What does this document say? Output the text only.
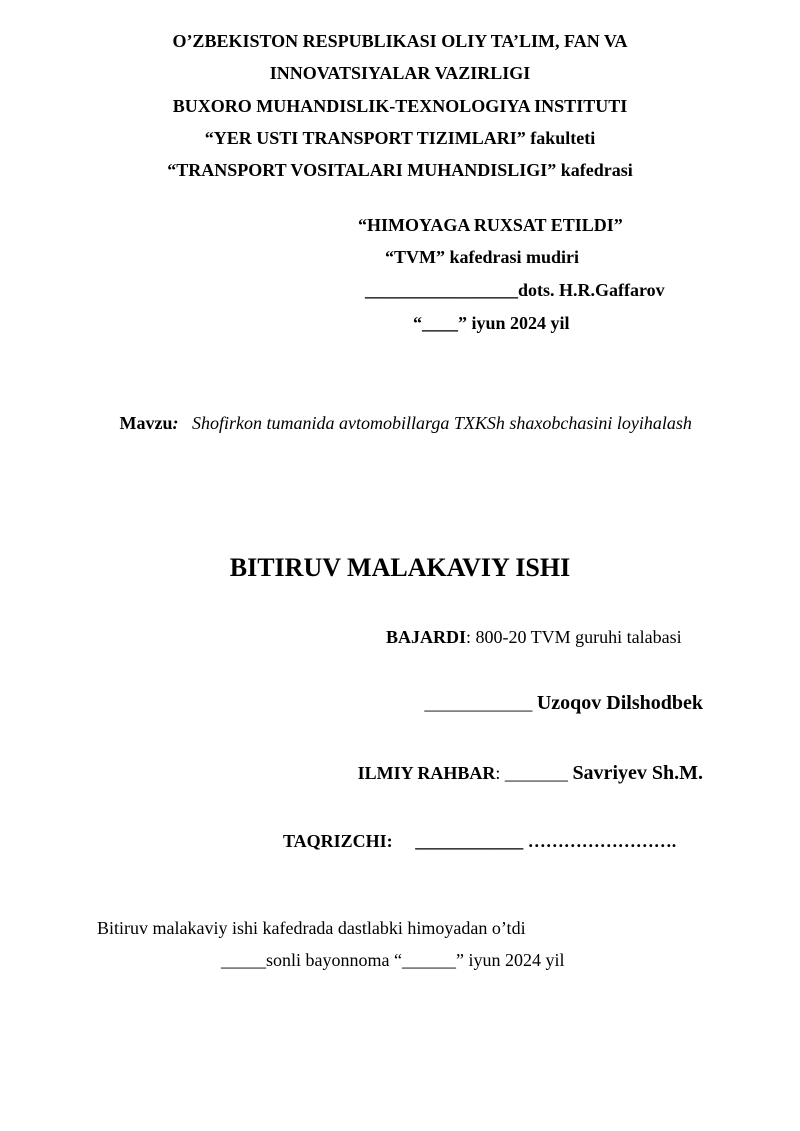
O’ZBEKISTON RESPUBLIKASI OLIY TA’LIM, FAN VA
INNOVATSIYALAR VAZIRLIGI
BUXORO MUHANDISLIK-TEXNOLOGIYA INSTITUTI
“YER USTI TRANSPORT TIZIMLARI” fakulteti
“TRANSPORT VOSITALARI MUHANDISLIGI” kafedrasi
“HIMOYAGA RUXSAT ETILDI”
“TVM” kafedrasi mudiri
_________________dots. H.R.Gaffarov
“____” iyun 2024 yil
Mavzu: Shofirkon tumanida avtomobillarga TXKSh shaxobchasini loyihalash
BITIRUV MALAKAVIY ISHI
BAJARDI: 800-20 TVM guruhi talabasi
____________ Uzoqov Dilshodbek
ILMIY RAHBAR: _______ Savriyev Sh.M.
TAQRIZCHI: ____________ …………………….
Bitiruv malakaviy ishi kafedrada dastlabki himoyadan o’tdi
_____sonli bayonnoma “______” iyun 2024 yil
